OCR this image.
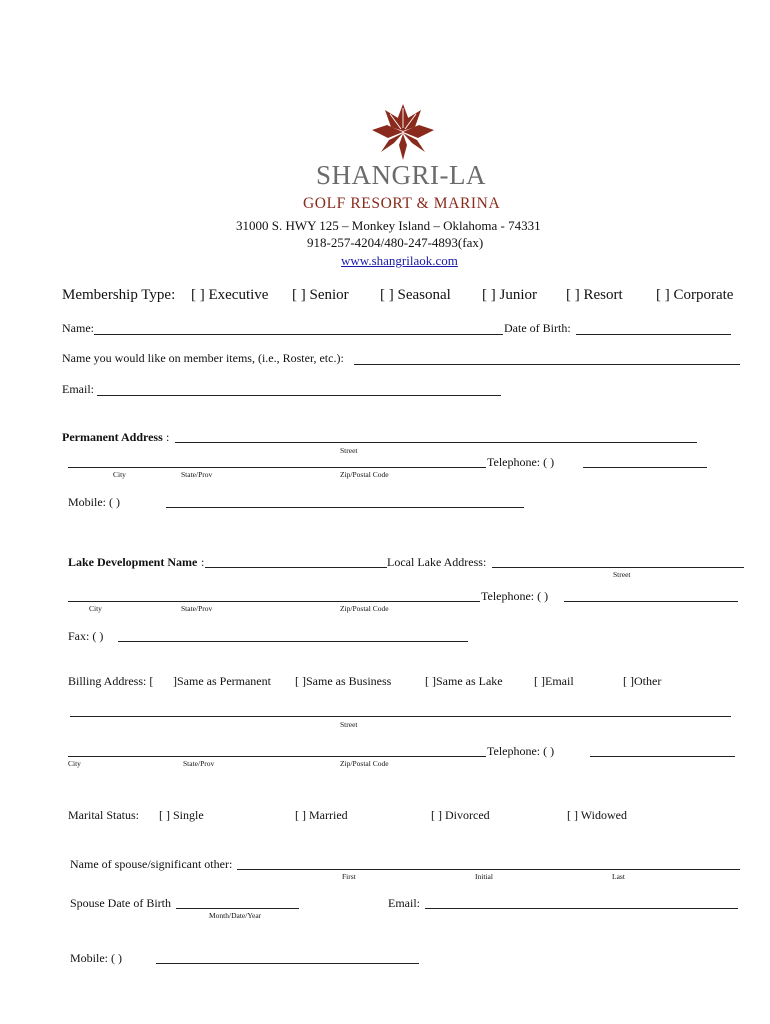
SHANGRI-LA
GOLF RESORT & MARINA
31000 S. HWY 125 – Monkey Island – Oklahoma - 74331
918-257-4204/480-247-4893(fax)
www.shangrilaok.com
Membership Type: [ ] Executive [ ] Senior [ ] Seasonal [ ] Junior [ ] Resort [ ] Corporate
Name:	Date of Birth:
Name you would like on member items, (i.e., Roster, etc.):
Email:
Permanent Address :
Street
Telephone: ( )
City	State/Prov	Zip/Postal Code
Mobile: ( )
Lake Development Name :	Local Lake Address:
Street
Telephone: ( )
City	State/Prov	Zip/Postal Code
Fax: ( )
Billing Address: [ ]Same as Permanent [ ]Same as Business	[ ]Same as Lake	[ ]Email	[ ]Other
Street
Telephone: ( )
City	State/Prov	Zip/Postal Code
Marital Status: [ ] Single	[ ] Married	[ ] Divorced	[ ] Widowed
Name of spouse/significant other:
First	Initial	Last
Spouse Date of Birth
Month/Date/Year
Email:
Mobile: ( )
